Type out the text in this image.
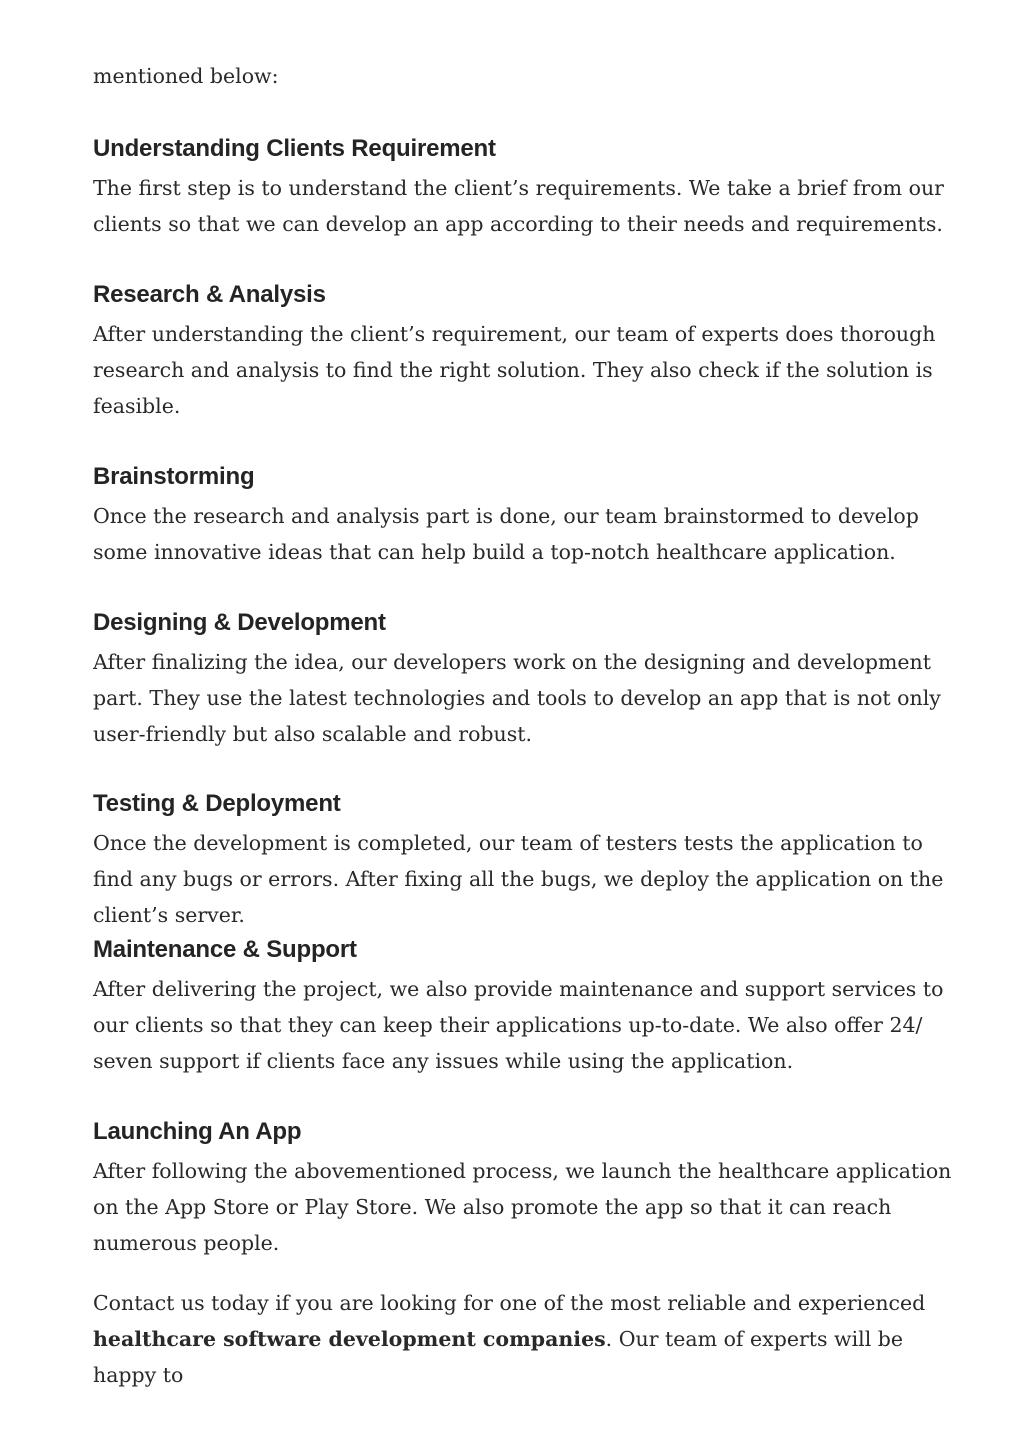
mentioned below:

Understanding Clients Requirement

The first step is to understand the client’s requirements. We take a brief from our clients so that we can develop an app according to their needs and requirements.

Research & Analysis

After understanding the client’s requirement, our team of experts does thorough research and analysis to find the right solution. They also check if the solution is feasible.

Brainstorming

Once the research and analysis part is done, our team brainstormed to develop some innovative ideas that can help build a top-notch healthcare application.

Designing & Development

After finalizing the idea, our developers work on the designing and development part. They use the latest technologies and tools to develop an app that is not only user-friendly but also scalable and robust.

Testing & Deployment

Once the development is completed, our team of testers tests the application to find any bugs or errors. After fixing all the bugs, we deploy the application on the client’s server.

Maintenance & Support

After delivering the project, we also provide maintenance and support services to our clients so that they can keep their applications up-to-date. We also offer 24/ seven support if clients face any issues while using the application.

Launching An App

After following the abovementioned process, we launch the healthcare application on the App Store or Play Store. We also promote the app so that it can reach numerous people.

Contact us today if you are looking for one of the most reliable and experienced healthcare software development companies. Our team of experts will be happy to
